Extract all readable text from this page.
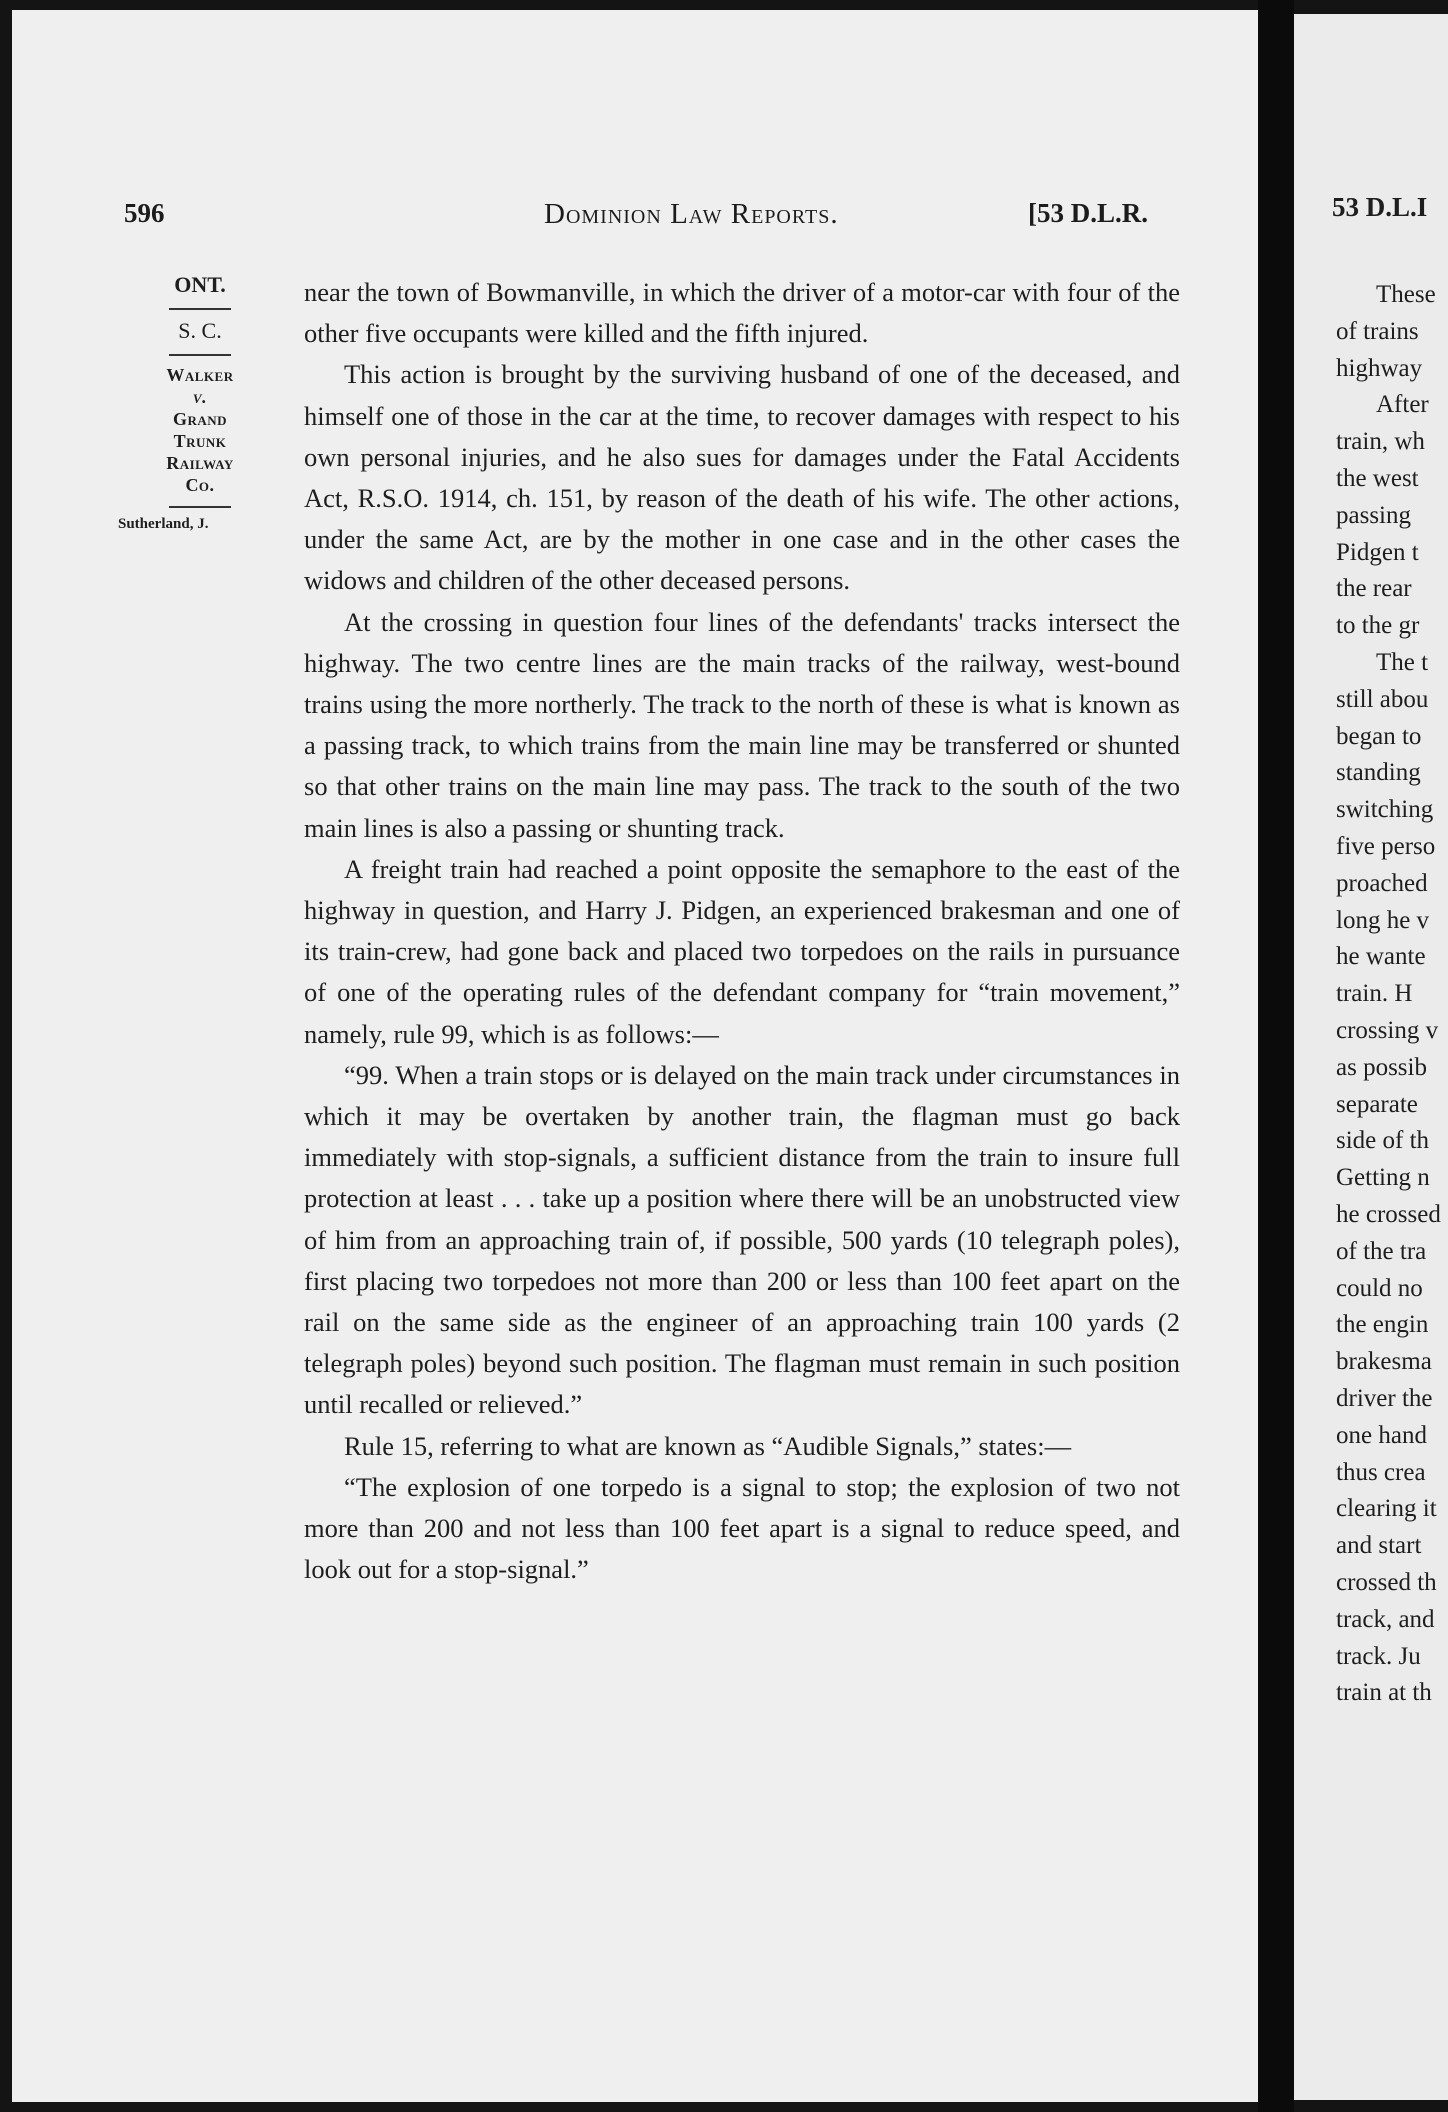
596	Dominion Law Reports.	[53 D.L.R.
ONT.
S. C.
Walker
v.
Grand
Trunk
Railway
Co.
Sutherland, J.

near the town of Bowmanville, in which the driver of a motor-car with four of the other five occupants were killed and the fifth injured.

This action is brought by the surviving husband of one of the deceased, and himself one of those in the car at the time, to recover damages with respect to his own personal injuries, and he also sues for damages under the Fatal Accidents Act, R.S.O. 1914, ch. 151, by reason of the death of his wife. The other actions, under the same Act, are by the mother in one case and in the other cases the widows and children of the other deceased persons.

At the crossing in question four lines of the defendants' tracks intersect the highway. The two centre lines are the main tracks of the railway, west-bound trains using the more northerly. The track to the north of these is what is known as a passing track, to which trains from the main line may be transferred or shunted so that other trains on the main line may pass. The track to the south of the two main lines is also a passing or shunting track.

A freight train had reached a point opposite the semaphore to the east of the highway in question, and Harry J. Pidgen, an experienced brakesman and one of its train-crew, had gone back and placed two torpedoes on the rails in pursuance of one of the operating rules of the defendant company for “train movement,” namely, rule 99, which is as follows:—

“99. When a train stops or is delayed on the main track under circumstances in which it may be overtaken by another train, the flagman must go back immediately with stop-signals, a sufficient distance from the train to insure full protection at least . . . take up a position where there will be an unobstructed view of him from an approaching train of, if possible, 500 yards (10 telegraph poles), first placing two torpedoes not more than 200 or less than 100 feet apart on the rail on the same side as the engineer of an approaching train 100 yards (2 telegraph poles) beyond such position. The flagman must remain in such position until recalled or relieved.”

Rule 15, referring to what are known as “Audible Signals,” states:—

“The explosion of one torpedo is a signal to stop; the explosion of two not more than 200 and not less than 100 feet apart is a signal to reduce speed, and look out for a stop-signal.”

53 D.L.I
These
of trains
highway
After
train, wh
the west
passing
Pidgen t
the rear
to the gr
The t
still abou
began to
standing
switching
five perso
proached
long he v
he wante
train. H
crossing v
as possib
separate
side of th
Getting n
he crossed
of the tra
could no
the engin
brakesma
driver the
one hand
thus crea
clearing it
and start
crossed th
track, and
track. Ju
train at th
